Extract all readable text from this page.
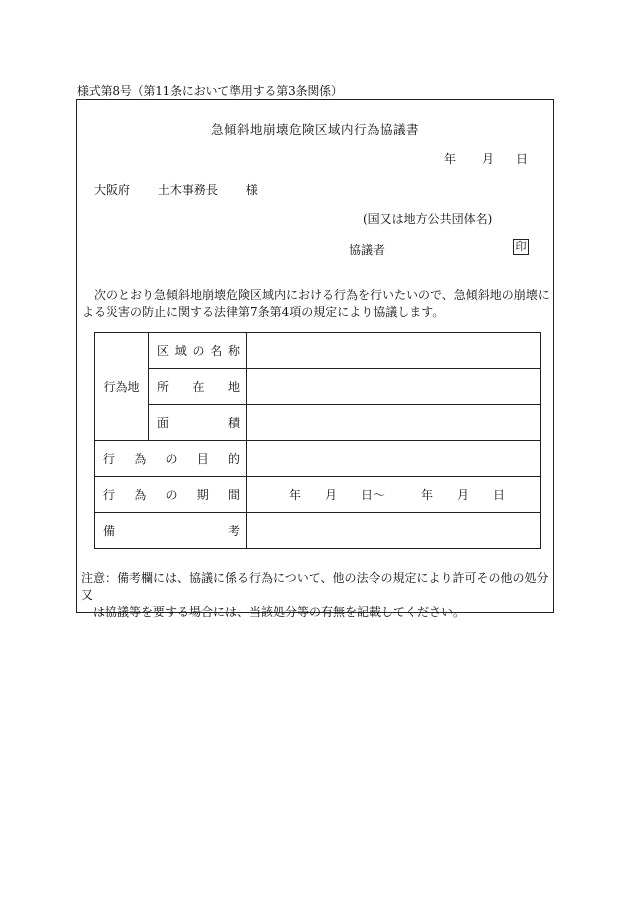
様式第8号（第11条において準用する第3条関係）
急傾斜地崩壊危険区域内行為協議書
年 月 日
大阪府 土木事務長 様
(国又は地方公共団体名)
協議者	印
次のとおり急傾斜地崩壊危険区域内における行為を行いたいので、急傾斜地の崩壊による災害の防止に関する法律第7条第4項の規定により協議します。
行為地	区 域 の 名 称	

	所 在 地	

	面 積	

行 為 の 目 的		

行 為 の 期 間		年　　月　　日～　　　年　　月　　日

備 考		

注意：備考欄には、協議に係る行為について、他の法令の規定により許可その他の処分又
は協議等を要する場合には、当該処分等の有無を記載してください。
